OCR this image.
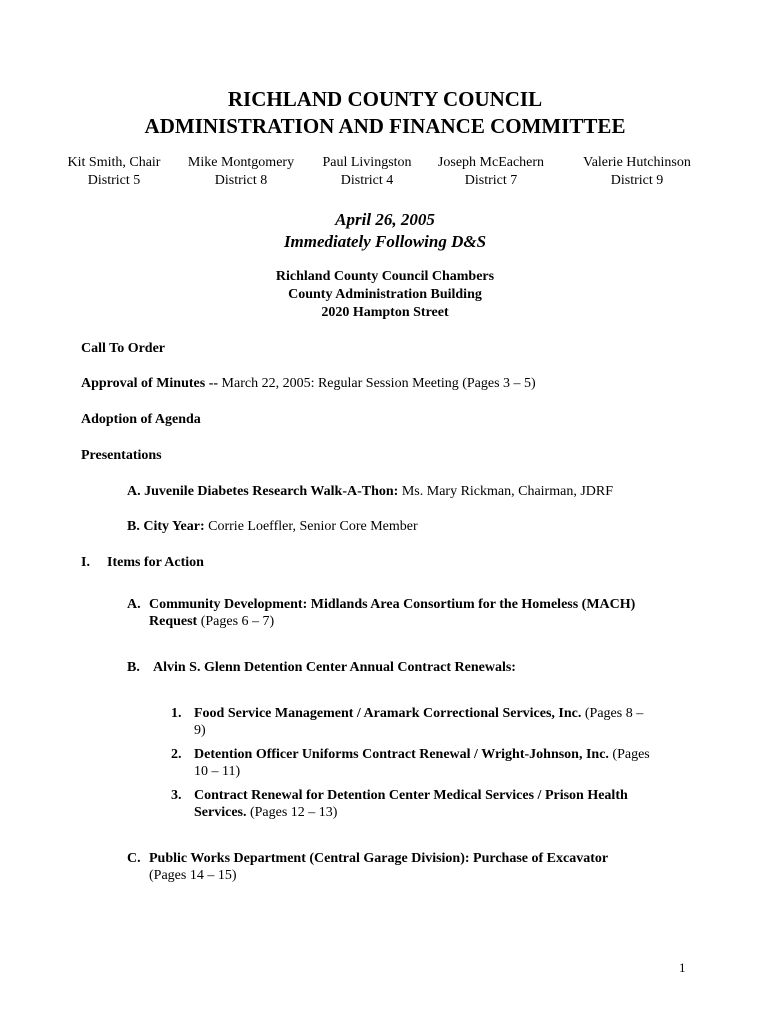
RICHLAND COUNTY COUNCIL
ADMINISTRATION AND FINANCE COMMITTEE
Kit Smith, Chair
District 5
Mike Montgomery
District 8
Paul Livingston
District 4
Joseph McEachern
District 7
Valerie Hutchinson
District 9
April 26, 2005
Immediately Following D&S
Richland County Council Chambers
County Administration Building
2020 Hampton Street
Call To Order
Approval of Minutes -- March 22, 2005: Regular Session Meeting (Pages 3 – 5)
Adoption of Agenda
Presentations
A. Juvenile Diabetes Research Walk-A-Thon: Ms. Mary Rickman, Chairman, JDRF
B. City Year: Corrie Loeffler, Senior Core Member
I. Items for Action
A. Community Development: Midlands Area Consortium for the Homeless (MACH)
Request (Pages 6 – 7)
B. Alvin S. Glenn Detention Center Annual Contract Renewals:
1. Food Service Management / Aramark Correctional Services, Inc. (Pages 8 –
9)
2. Detention Officer Uniforms Contract Renewal / Wright-Johnson, Inc. (Pages
10 – 11)
3. Contract Renewal for Detention Center Medical Services / Prison Health
Services. (Pages 12 – 13)
C. Public Works Department (Central Garage Division): Purchase of Excavator
(Pages 14 – 15)
1
